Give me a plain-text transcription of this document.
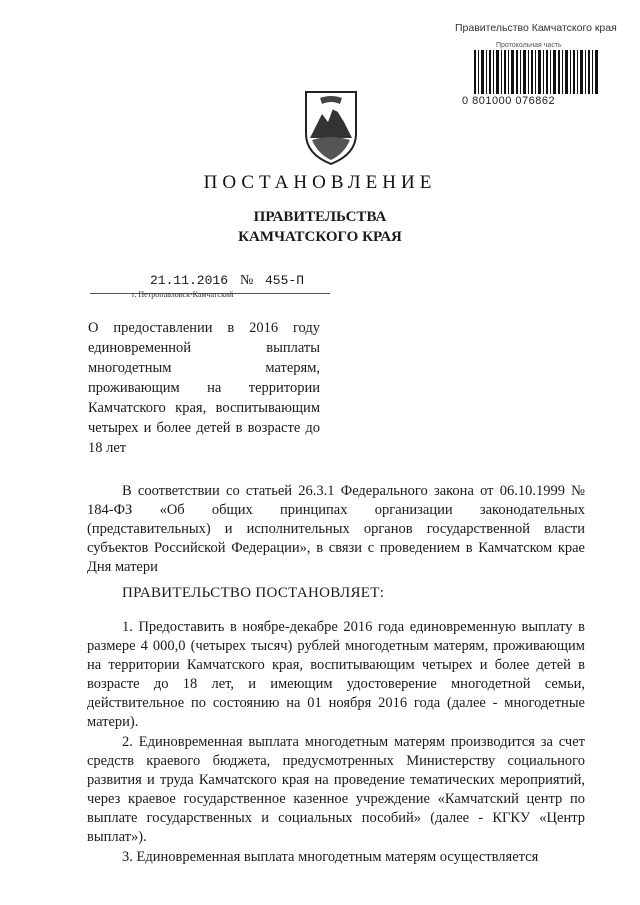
Правительство Камчатского края
Протокольная часть
0 801000 076862
ПОСТАНОВЛЕНИЕ
ПРАВИТЕЛЬСТВА
КАМЧАТСКОГО КРАЯ
21.11.2016 № 455-П
г. Петропавловск-Камчатский

О предоставлении в 2016 году единовременной выплаты многодетным матерям, проживающим на территории Камчатского края, воспитывающим четырех и более детей в возрасте до 18 лет

В соответствии со статьей 26.3.1 Федерального закона от 06.10.1999 № 184-ФЗ «Об общих принципах организации законодательных (представительных) и исполнительных органов государственной власти субъектов Российской Федерации», в связи с проведением в Камчатском крае Дня матери

ПРАВИТЕЛЬСТВО ПОСТАНОВЛЯЕТ:

1. Предоставить в ноябре-декабре 2016 года единовременную выплату в размере 4 000,0 (четырех тысяч) рублей многодетным матерям, проживающим на территории Камчатского края, воспитывающим четырех и более детей в возрасте до 18 лет, и имеющим удостоверение многодетной семьи, действительное по состоянию на 01 ноября 2016 года (далее - многодетные матери).

2. Единовременная выплата многодетным матерям производится за счет средств краевого бюджета, предусмотренных Министерству социального развития и труда Камчатского края на проведение тематических мероприятий, через краевое государственное казенное учреждение «Камчатский центр по выплате государственных и социальных пособий» (далее - КГКУ «Центр выплат»).

3. Единовременная выплата многодетным матерям осуществляется
